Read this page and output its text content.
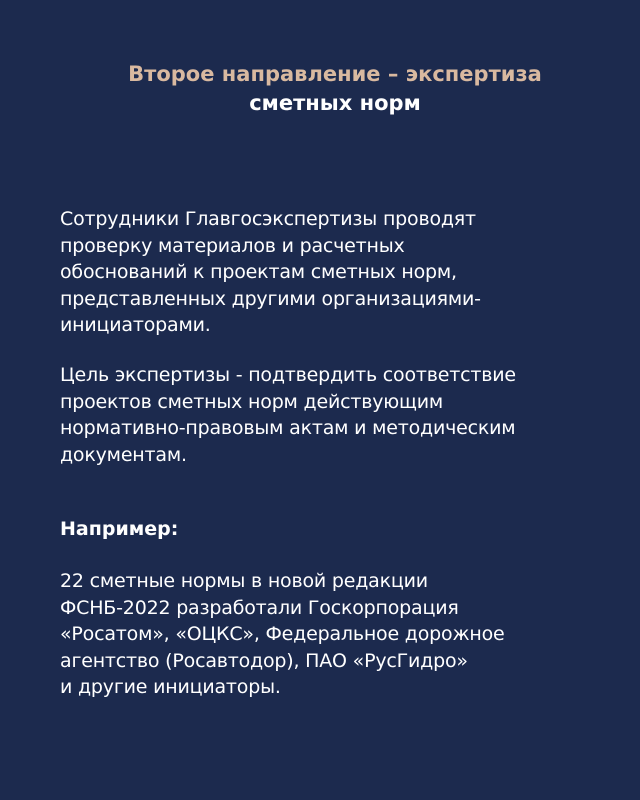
Второе направление – экспертиза
сметных норм
Сотрудники Главгосэкспертизы проводят
проверку материалов и расчетных
обоснований к проектам сметных норм,
представленных другими организациями-
инициаторами.
Цель экспертизы - подтвердить соответствие
проектов сметных норм действующим
нормативно-правовым актам и методическим
документам.
Например:
22 сметные нормы в новой редакции
ФСНБ-2022 разработали Госкорпорация
«Росатом», «ОЦКС», Федеральное дорожное
агентство (Росавтодор), ПАО «РусГидро»
и другие инициаторы.
